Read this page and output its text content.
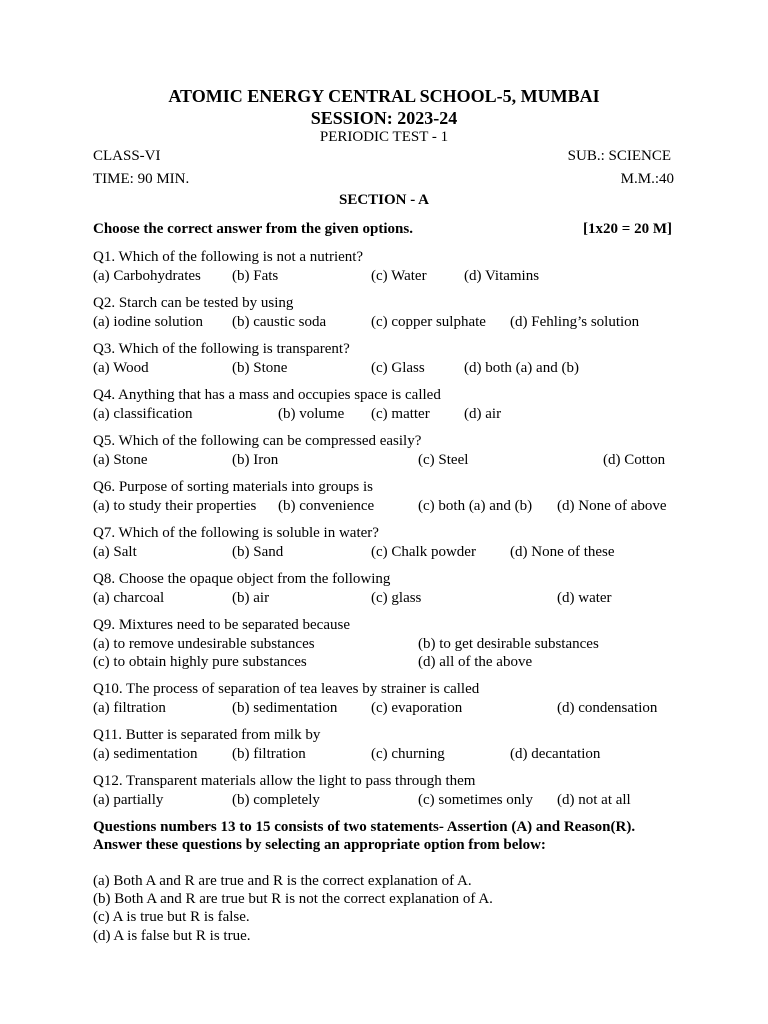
ATOMIC ENERGY CENTRAL SCHOOL-5, MUMBAI
SESSION: 2023-24
PERIODIC TEST - 1
CLASS-VI	SUB.: SCIENCE
TIME: 90 MIN.	M.M.:40
SECTION - A
Choose the correct answer from the given options.	[1x20 = 20 M]
Q1. Which of the following is not a nutrient?
(a) Carbohydrates (b) Fats	(c) Water (d) Vitamins
Q2. Starch can be tested by using
(a) iodine solution (b) caustic soda	(c) copper sulphate (d) Fehling’s solution
Q3. Which of the following is transparent?
(a) Wood	(b) Stone	(c) Glass	(d) both (a) and (b)
Q4. Anything that has a mass and occupies space is called
(a) classification	(b) volume (c) matter (d) air
Q5. Which of the following can be compressed easily?
(a) Stone	(b) Iron	(c) Steel	(d) Cotton
Q6. Purpose of sorting materials into groups is
(a) to study their properties (b) convenience	(c) both (a) and (b) (d) None of above
Q7. Which of the following is soluble in water?
(a) Salt	(b) Sand	(c) Chalk powder (d) None of these
Q8. Choose the opaque object from the following
(a) charcoal	(b) air	(c) glass	(d) water
Q9. Mixtures need to be separated because
(a) to remove undesirable substances	(b) to get desirable substances
(c) to obtain highly pure substances	(d) all of the above
Q10. The process of separation of tea leaves by strainer is called
(a) filtration	(b) sedimentation (c) evaporation	(d) condensation
Q11. Butter is separated from milk by
(a) sedimentation (b) filtration	(c) churning	(d) decantation
Q12. Transparent materials allow the light to pass through them
(a) partially	(b) completely	(c) sometimes only (d) not at all
Questions numbers 13 to 15 consists of two statements- Assertion (A) and Reason(R).
Answer these questions by selecting an appropriate option from below:
(a) Both A and R are true and R is the correct explanation of A.
(b) Both A and R are true but R is not the correct explanation of A.
(c) A is true but R is false.
(d) A is false but R is true.
